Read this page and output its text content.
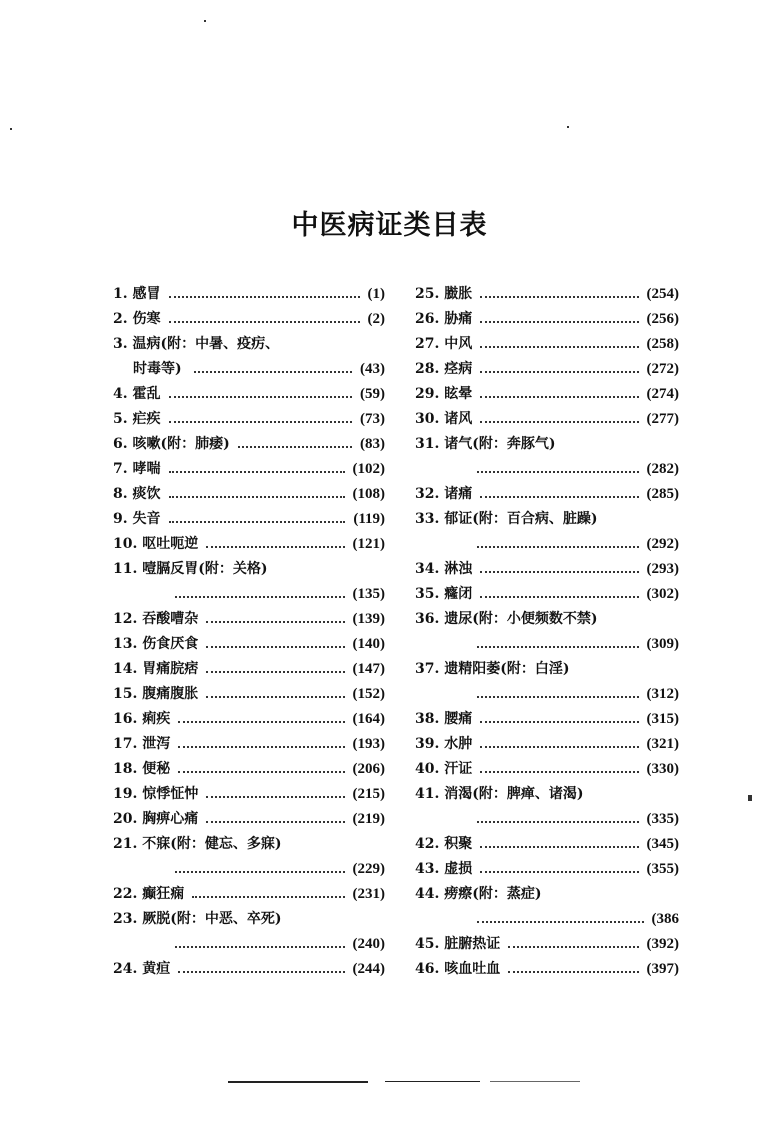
中医病证类目表
1. 感冒	(1)
2. 伤寒	(2)
3. 温病(附：中暑、疫疠、
时毒等)	(43)
4. 霍乱	(59)
5. 疟疾	(73)
6. 咳嗽(附：肺痿)	(83)
7. 哮喘	(102)
8. 痰饮	(108)
9. 失音	(119)
10. 呕吐呃逆	(121)
11. 噎膈反胃(附：关格)
(135)
12. 吞酸嘈杂	(139)
13. 伤食厌食	(140)
14. 胃痛脘痞	(147)
15. 腹痛腹胀	(152)
16. 痢疾	(164)
17. 泄泻	(193)
18. 便秘	(206)
19. 惊悸怔忡	(215)
20. 胸痹心痛	(219)
21. 不寐(附：健忘、多寐)
(229)
22. 癫狂痫	(231)
23. 厥脱(附：中恶、卒死)
(240)
24. 黄疸	(244)
25. 臌胀	(254)
26. 胁痛	(256)
27. 中风	(258)
28. 痉病	(272)
29. 眩晕	(274)
30. 诸风	(277)
31. 诸气(附：奔豚气)
(282)
32. 诸痛	(285)
33. 郁证(附：百合病、脏躁)
(292)
34. 淋浊	(293)
35. 癃闭	(302)
36. 遗尿(附：小便频数不禁)
(309)
37. 遗精阳萎(附：白淫)
(312)
38. 腰痛	(315)
39. 水肿	(321)
40. 汗证	(330)
41. 消渴(附：脾瘅、诸渴)
(335)
42. 积聚	(345)
43. 虚损	(355)
44. 痨瘵(附：蒸症)
(386
45. 脏腑热证	(392)
46. 咳血吐血	(397)
